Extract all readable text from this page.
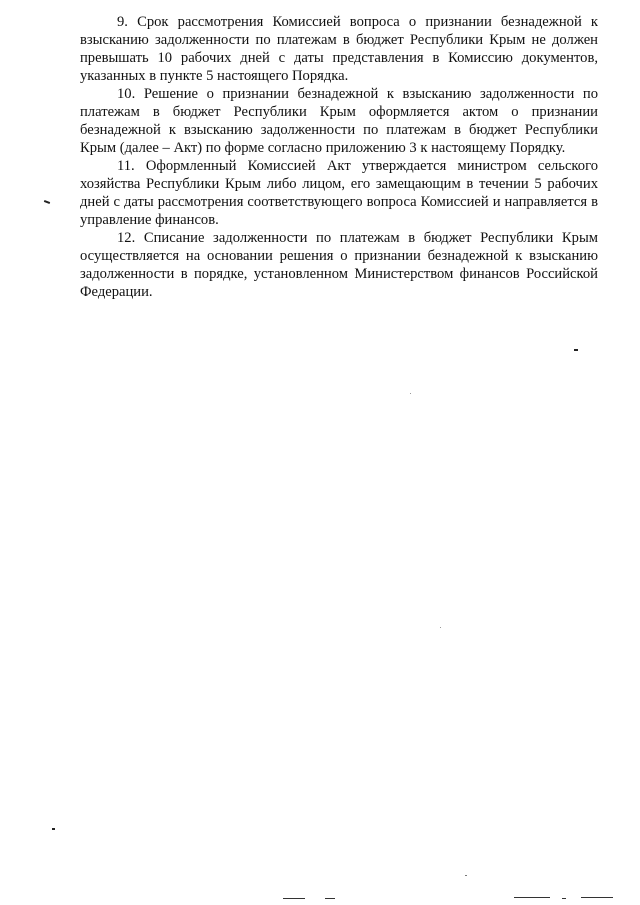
9. Срок рассмотрения Комиссией вопроса о признании безнадежной к взысканию задолженности по платежам в бюджет Республики Крым не должен превышать 10 рабочих дней с даты представления в Комиссию документов, указанных в пункте 5 настоящего Порядка.

10. Решение о признании безнадежной к взысканию задолженности по платежам в бюджет Республики Крым оформляется актом о признании безнадежной к взысканию задолженности по платежам в бюджет Республики Крым (далее – Акт) по форме согласно приложению 3 к настоящему Порядку.

11. Оформленный Комиссией Акт утверждается министром сельского хозяйства Республики Крым либо лицом, его замещающим в течении 5 рабочих дней с даты рассмотрения соответствующего вопроса Комиссией и направляется в управление финансов.

12. Списание задолженности по платежам в бюджет Республики Крым осуществляется на основании решения о признании безнадежной к взысканию задолженности в порядке, установленном Министерством финансов Российской Федерации.
